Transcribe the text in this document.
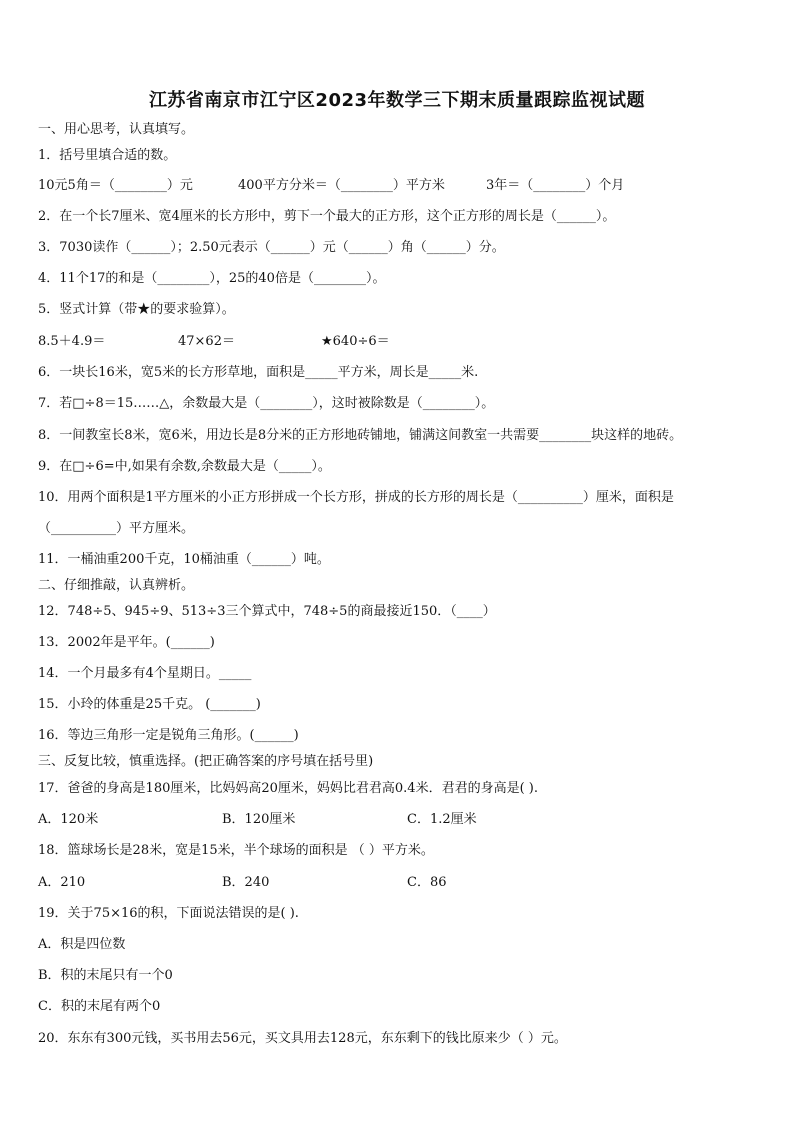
江苏省南京市江宁区2023年数学三下期末质量跟踪监视试题
一、用心思考，认真填写。
1．括号里填合适的数。
10元5角＝（________）元	400平方分米＝（________）平方米	3年＝（________）个月
2．在一个长7厘米、宽4厘米的长方形中，剪下一个最大的正方形，这个正方形的周长是（______）。
3．7030读作（______）；2.50元表示（______）元（______）角（______）分。
4．11个17的和是（________），25的40倍是（________）。
5．竖式计算（带★的要求验算）。
8.5＋4.9＝	47×62＝	★640÷6＝
6．一块长16米，宽5米的长方形草地，面积是_____平方米，周长是_____米.
7．若□÷8＝15……△，余数最大是（________），这时被除数是（________）。
8．一间教室长8米，宽6米，用边长是8分米的正方形地砖铺地，铺满这间教室一共需要________块这样的地砖。
9．在□÷6=中,如果有余数,余数最大是（_____）。
10．用两个面积是1平方厘米的小正方形拼成一个长方形，拼成的长方形的周长是（__________）厘米，面积是
（__________）平方厘米。
11．一桶油重200千克，10桶油重（______）吨。
二、仔细推敲，认真辨析。
12．748÷5、945÷9、513÷3三个算式中，748÷5的商最接近150．（____）
13．2002年是平年。(______)
14．一个月最多有4个星期日。_____
15．小玲的体重是25千克。 (_______)
16．等边三角形一定是锐角三角形。(______)
三、反复比较，慎重选择。(把正确答案的序号填在括号里)
17．爸爸的身高是180厘米，比妈妈高20厘米，妈妈比君君高0.4米．君君的身高是( ).
A．120米	B．120厘米	C．1.2厘米
18．篮球场长是28米，宽是15米，半个球场的面积是 （ ）平方米。
A．210	B．240	C．86
19．关于75×16的积，下面说法错误的是( ).
A．积是四位数
B．积的末尾只有一个0
C．积的末尾有两个0
20．东东有300元钱，买书用去56元，买文具用去128元，东东剩下的钱比原来少（ ）元。
